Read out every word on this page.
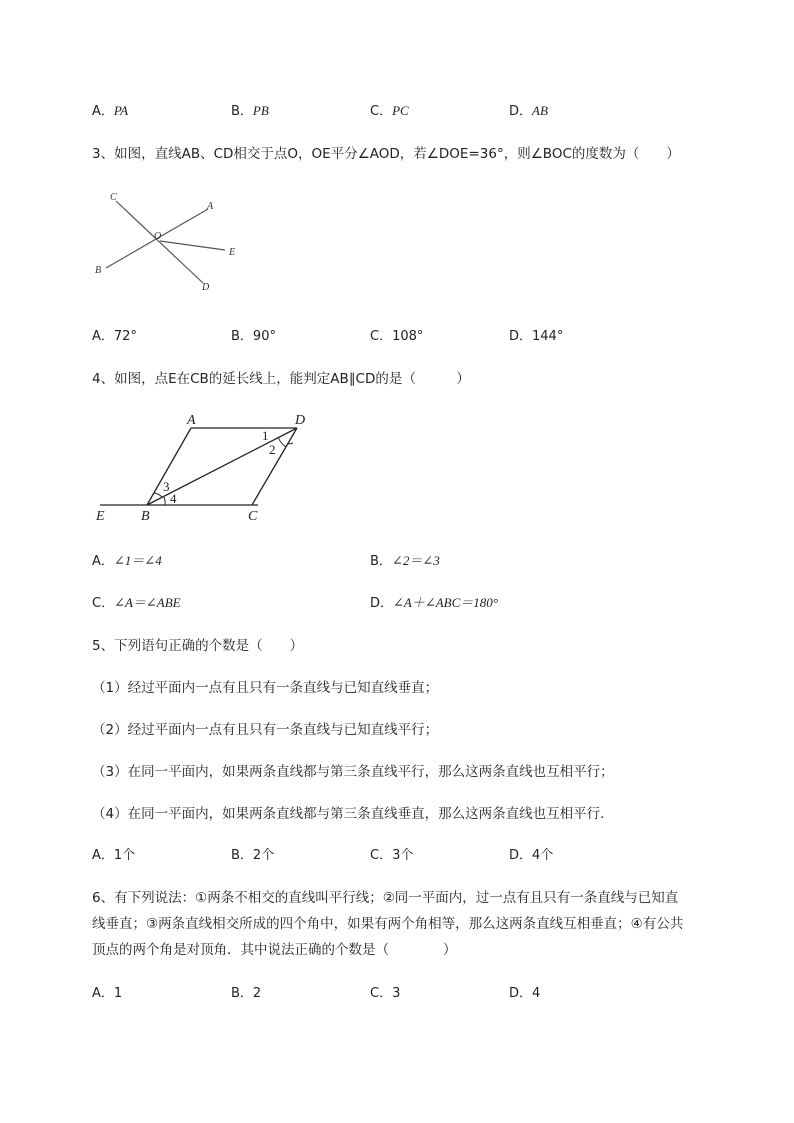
A．PA	B．PB	C．PC	D．AB
3、如图，直线AB、CD相交于点O，OE平分∠AOD，若∠DOE=36°，则∠BOC的度数为（　　）
C
A
O
E
B
D
A．72°	B．90°	C．108°	D．144°
4、如图，点E在CB的延长线上，能判定AB∥CD的是（　　　）
A	D
E	B	C
1
2
3
4
A．∠1＝∠4	B．∠2＝∠3
C．∠A＝∠ABE	D．∠A＋∠ABC＝180°
5、下列语句正确的个数是（　　）
（1）经过平面内一点有且只有一条直线与已知直线垂直；
（2）经过平面内一点有且只有一条直线与已知直线平行；
（3）在同一平面内，如果两条直线都与第三条直线平行，那么这两条直线也互相平行；
（4）在同一平面内，如果两条直线都与第三条直线垂直，那么这两条直线也互相平行．
A．1个	B．2个	C．3个	D．4个
6、有下列说法：①两条不相交的直线叫平行线；②同一平面内，过一点有且只有一条直线与已知直
线垂直；③两条直线相交所成的四个角中，如果有两个角相等，那么这两条直线互相垂直；④有公共
顶点的两个角是对顶角．其中说法正确的个数是（　　　　）
A．1	B．2	C．3	D．4
